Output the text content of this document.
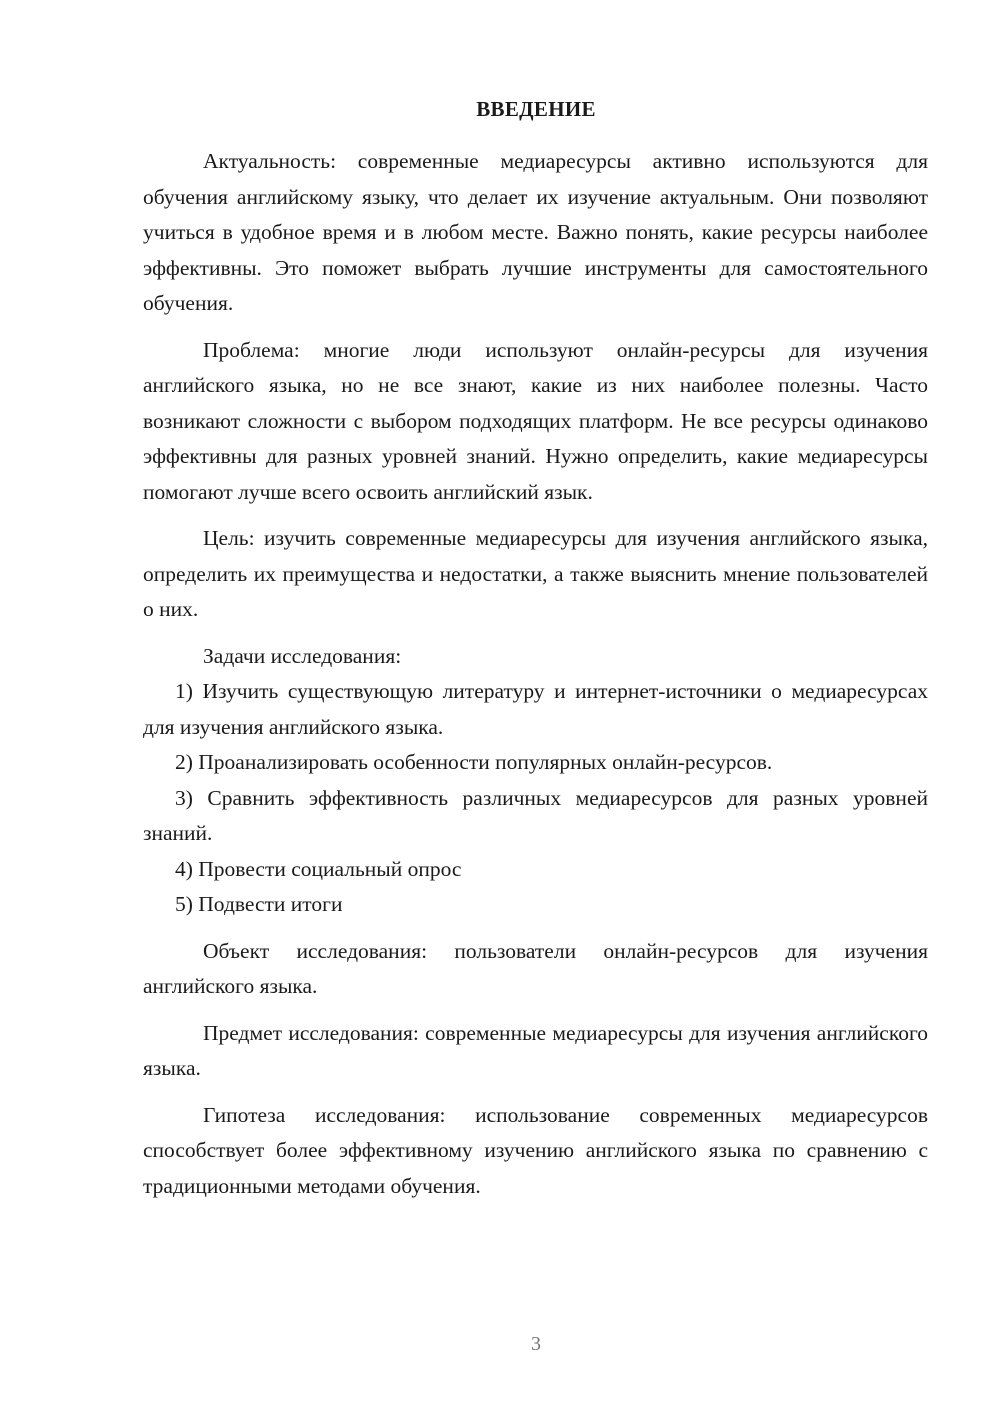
ВВЕДЕНИЕ

Актуальность: современные медиаресурсы активно используются для обучения английскому языку, что делает их изучение актуальным. Они позволяют учиться в удобное время и в любом месте. Важно понять, какие ресурсы наиболее эффективны. Это поможет выбрать лучшие инструменты для самостоятельного обучения.

Проблема: многие люди используют онлайн-ресурсы для изучения английского языка, но не все знают, какие из них наиболее полезны. Часто возникают сложности с выбором подходящих платформ. Не все ресурсы одинаково эффективны для разных уровней знаний. Нужно определить, какие медиаресурсы помогают лучше всего освоить английский язык.

Цель: изучить современные медиаресурсы для изучения английского языка, определить их преимущества и недостатки, а также выяснить мнение пользователей о них.

Задачи исследования:

1) Изучить существующую литературу и интернет-источники о медиаресурсах для изучения английского языка.

2) Проанализировать особенности популярных онлайн-ресурсов.

3) Сравнить эффективность различных медиаресурсов для разных уровней знаний.

4) Провести социальный опрос

5) Подвести итоги

Объект исследования: пользователи онлайн-ресурсов для изучения английского языка.

Предмет исследования: современные медиаресурсы для изучения английского языка.

Гипотеза исследования: использование современных медиаресурсов способствует более эффективному изучению английского языка по сравнению с традиционными методами обучения.

3
